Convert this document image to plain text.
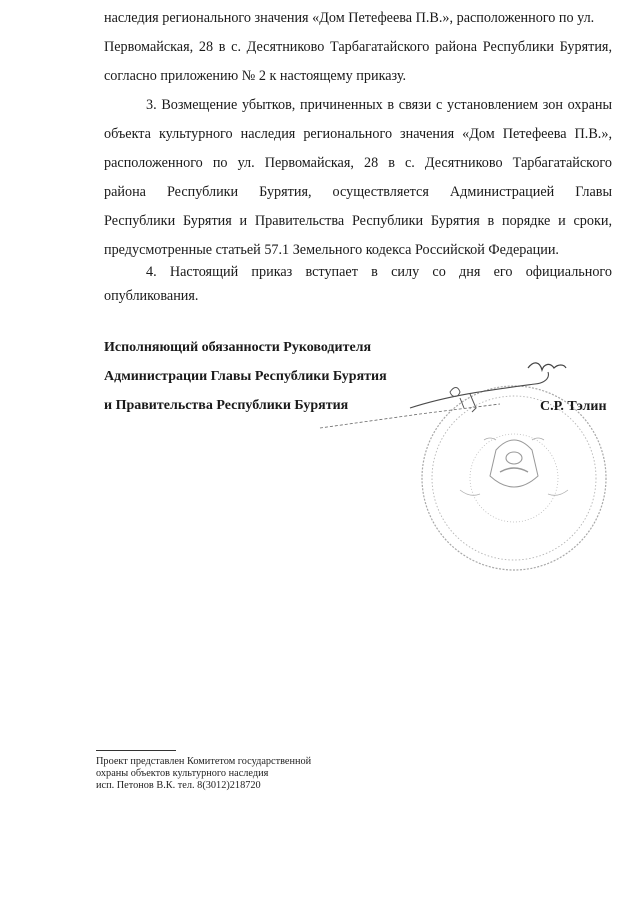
наследия регионального значения «Дом Петефеева П.В.», расположенного по ул.
Первомайская, 28 в с. Десятниково Тарбагатайского района Республики Бурятия,
согласно приложению № 2 к настоящему приказу.
3. Возмещение убытков, причиненных в связи с установлением зон охраны
объекта культурного наследия регионального значения «Дом Петефеева П.В.»,
расположенного по ул. Первомайская, 28 в с. Десятниково Тарбагатайского
района Республики Бурятия, осуществляется Администрацией Главы
Республики Бурятия и Правительства Республики Бурятия в порядке и сроки,
предусмотренные статьей 57.1 Земельного кодекса Российской Федерации.
4. Настоящий приказ вступает в силу со дня его официального
опубликования.
Исполняющий обязанности Руководителя
Администрации Главы Республики Бурятия
и Правительства Республики Бурятия	С.Р. Тэлин
Проект представлен Комитетом государственной
охраны объектов культурного наследия
исп. Петонов В.К. тел. 8(3012)218720
